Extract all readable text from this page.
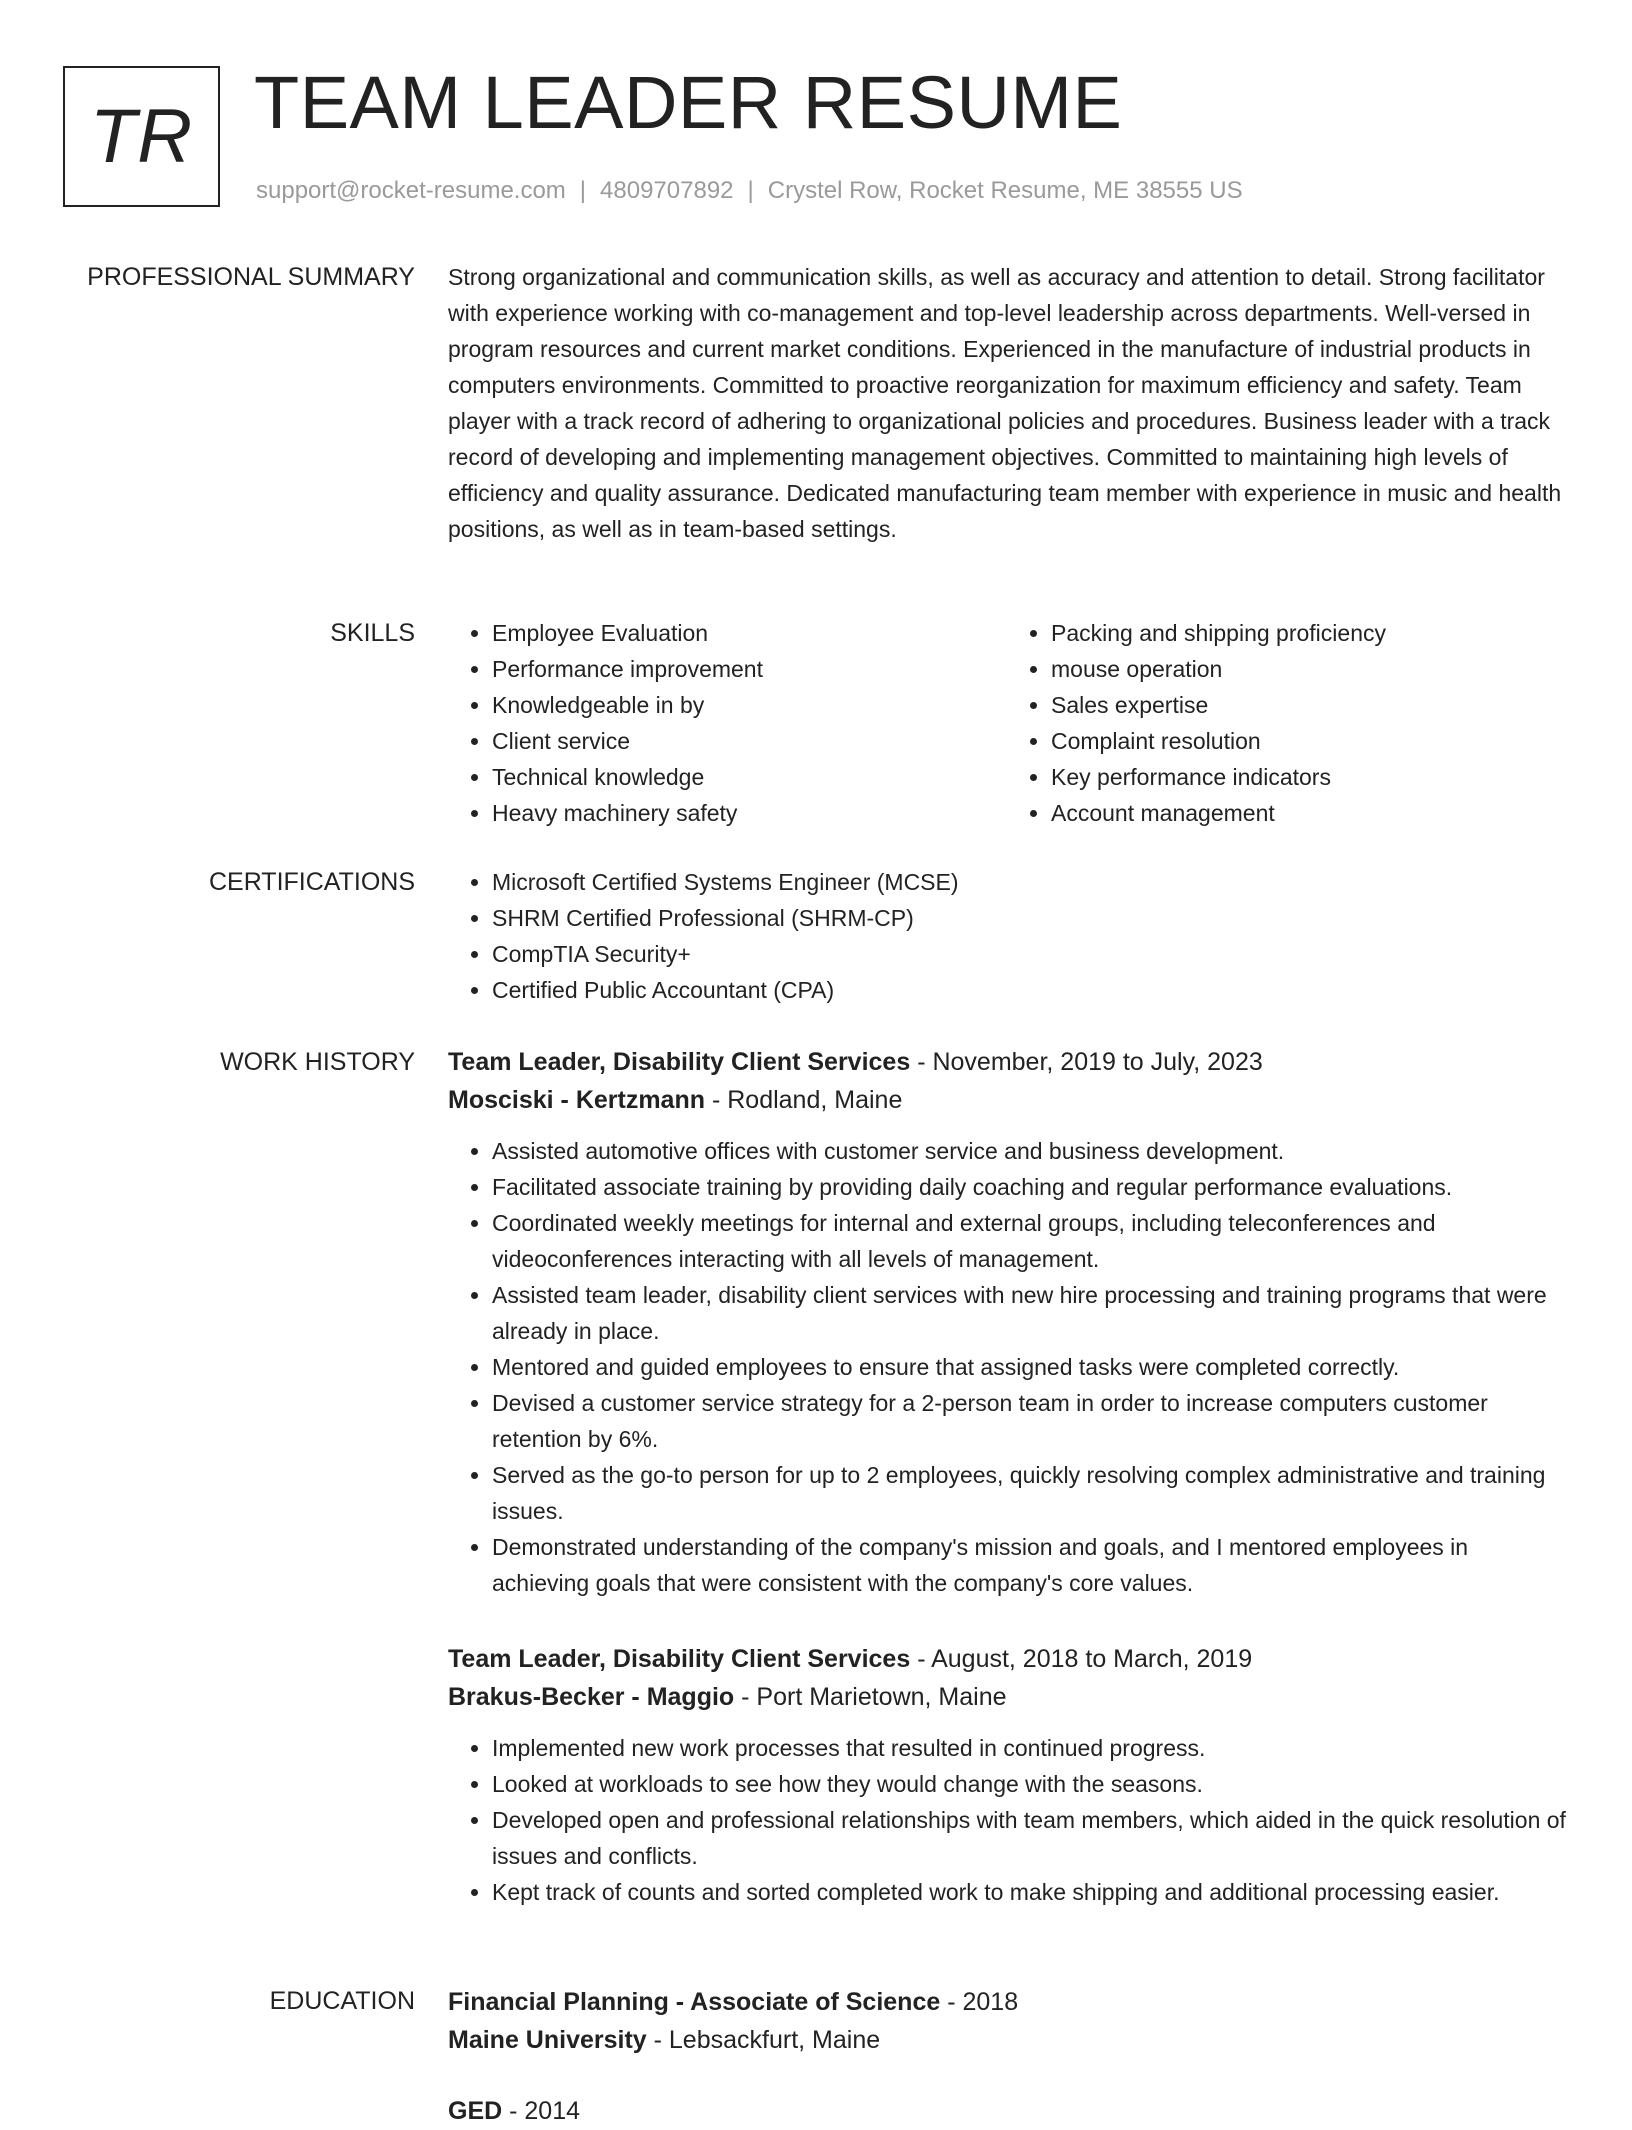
TR TEAM LEADER RESUME
support@rocket-resume.com | 4809707892 | Crystel Row, Rocket Resume, ME 38555 US
PROFESSIONAL SUMMARY Strong organizational and communication skills, as well as accuracy and attention to detail. Strong facilitator with experience working with co-management and top-level leadership across departments. Well-versed in program resources and current market conditions. Experienced in the manufacture of industrial products in computers environments. Committed to proactive reorganization for maximum efficiency and safety. Team player with a track record of adhering to organizational policies and procedures. Business leader with a track record of developing and implementing management objectives. Committed to maintaining high levels of efficiency and quality assurance. Dedicated manufacturing team member with experience in music and health positions, as well as in team-based settings.

SKILLS	• Employee Evaluation
• Performance improvement
• Knowledgeable in by
• Client service
• Technical knowledge
• Heavy machinery safety
• Packing and shipping proficiency
• mouse operation
• Sales expertise
• Complaint resolution
• Key performance indicators
• Account management
CERTIFICATIONS	• Microsoft Certified Systems Engineer (MCSE)
• SHRM Certified Professional (SHRM-CP)
• CompTIA Security+
• Certified Public Accountant (CPA)
WORK HISTORY Team Leader, Disability Client Services - November, 2019 to July, 2023
Mosciski - Kertzmann - Rodland, Maine
• Assisted automotive offices with customer service and business development.
• Facilitated associate training by providing daily coaching and regular performance evaluations.
• Coordinated weekly meetings for internal and external groups, including teleconferences and videoconferences interacting with all levels of management.
• Assisted team leader, disability client services with new hire processing and training programs that were already in place.
• Mentored and guided employees to ensure that assigned tasks were completed correctly.
• Devised a customer service strategy for a 2-person team in order to increase computers customer retention by 6%.
• Served as the go-to person for up to 2 employees, quickly resolving complex administrative and training issues.
• Demonstrated understanding of the company's mission and goals, and I mentored employees in achieving goals that were consistent with the company's core values.
Team Leader, Disability Client Services - August, 2018 to March, 2019
Brakus-Becker - Maggio - Port Marietown, Maine
• Implemented new work processes that resulted in continued progress.
• Looked at workloads to see how they would change with the seasons.
• Developed open and professional relationships with team members, which aided in the quick resolution of issues and conflicts.
• Kept track of counts and sorted completed work to make shipping and additional processing easier.
EDUCATION Financial Planning - Associate of Science - 2018
Maine University - Lebsackfurt, Maine
GED - 2014
